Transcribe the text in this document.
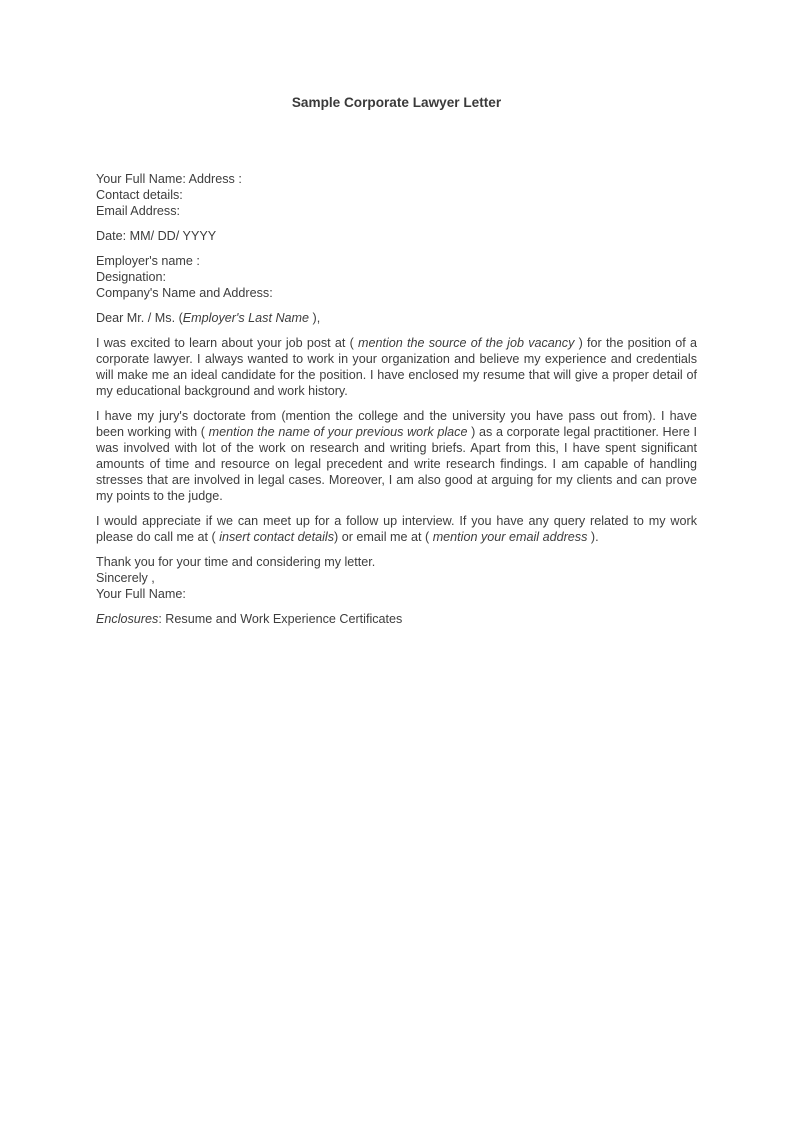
Sample Corporate Lawyer Letter
Your Full Name: Address :
Contact details:
Email Address:

Date: MM/ DD/ YYYY

Employer's name :
Designation:
Company's Name and Address:

Dear Mr. / Ms. (Employer's Last Name ),

I was excited to learn about your job post at ( mention the source of the job vacancy ) for the position of a corporate lawyer. I always wanted to work in your organization and believe my experience and credentials will make me an ideal candidate for the position. I have enclosed my resume that will give a proper detail of my educational background and work history.

I have my jury's doctorate from (mention the college and the university you have pass out from). I have been working with ( mention the name of your previous work place ) as a corporate legal practitioner. Here I was involved with lot of the work on research and writing briefs. Apart from this, I have spent significant amounts of time and resource on legal precedent and write research findings. I am capable of handling stresses that are involved in legal cases. Moreover, I am also good at arguing for my clients and can prove my points to the judge.

I would appreciate if we can meet up for a follow up interview. If you have any query related to my work please do call me at ( insert contact details) or email me at ( mention your email address ).

Thank you for your time and considering my letter.
Sincerely ,
Your Full Name:

Enclosures: Resume and Work Experience Certificates
